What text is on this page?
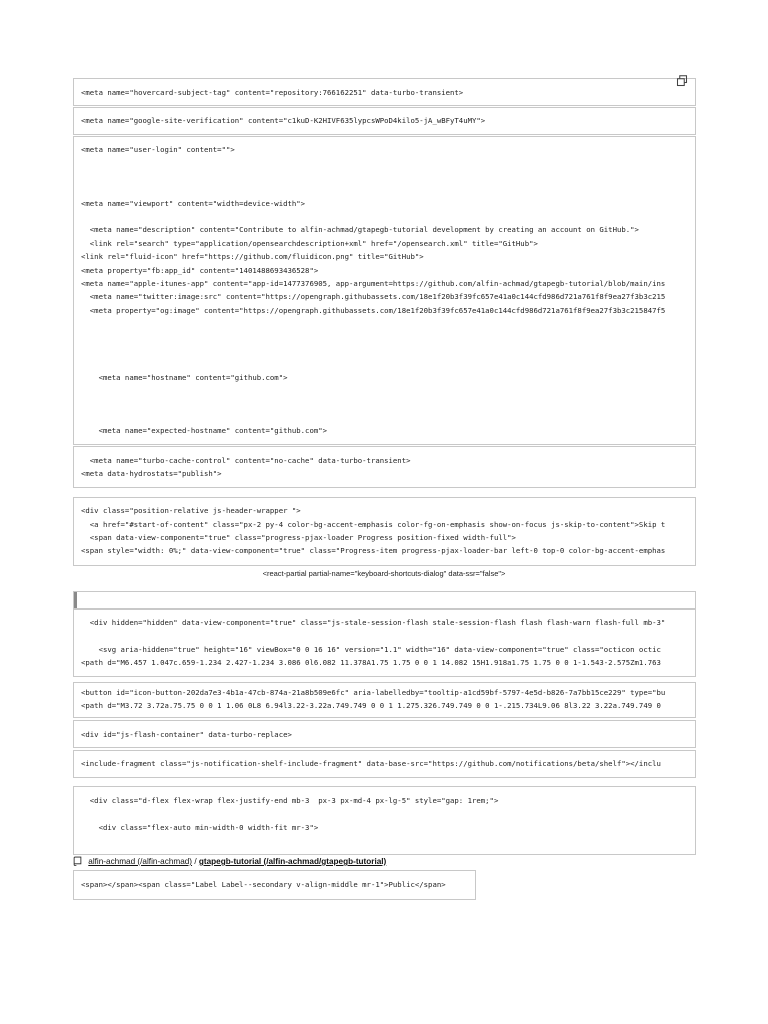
<meta name="hovercard-subject-tag" content="repository:766162251" data-turbo-transient>
<meta name="google-site-verification" content="c1kuD-K2HIVF635lypcsWPoD4kilo5-jA_wBFyT4uMY">
<meta name="user-login" content="">
<meta name="viewport" content="width=device-width">
<meta name="description" content="Contribute to alfin-achmad/gtapegb-tutorial development by creating an account on GitHub.">
<link rel="search" type="application/opensearchdescription+xml" href="/opensearch.xml" title="GitHub">
<link rel="fluid-icon" href="https://github.com/fluidicon.png" title="GitHub">
<meta property="fb:app_id" content="1401488693436528">
<meta name="apple-itunes-app" content="app-id=1477376905, app-argument=https://github.com/alfin-achmad/gtapegb-tutorial/blob/main/ins
<meta name="twitter:image:src" content="https://opengraph.githubassets.com/18e1f20b3f39fc657e41a0c144cfd986d721a761f8f9ea27f3b3c215
<meta property="og:image" content="https://opengraph.githubassets.com/18e1f20b3f39fc657e41a0c144cfd986d721a761f8f9ea27f3b3c215847f5
<meta name="hostname" content="github.com">
<meta name="expected-hostname" content="github.com">
<meta name="turbo-cache-control" content="no-cache" data-turbo-transient>
<meta data-hydrostats="publish">
<div class="position-relative js-header-wrapper ">
<a href="#start-of-content" class="px-2 py-4 color-bg-accent-emphasis color-fg-on-emphasis show-on-focus js-skip-to-content">Skip t
<span data-view-component="true" class="progress-pjax-loader Progress position-fixed width-full">
<span style="width: 0%;" data-view-component="true" class="Progress-item progress-pjax-loader-bar left-0 top-0 color-bg-accent-emphas
<react-partial partial-name="keyboard-shortcuts-dialog" data-ssr="false">
<div hidden="hidden" data-view-component="true" class="js-stale-session-flash stale-session-flash flash flash-warn flash-full mb-3"
<svg aria-hidden="true" height="16" viewBox="0 0 16 16" version="1.1" width="16" data-view-component="true" class="octicon octic
<path d="M6.457 1.047c.659-1.234 2.427-1.234 3.086 0l6.082 11.378A1.75 1.75 0 0 1 14.082 15H1.918a1.75 1.75 0 0 1-1.543-2.575Zm1.763
<button id="icon-button-202da7e3-4b1a-47cb-874a-21a8b509e6fc" aria-labelledby="tooltip-a1cd59bf-5797-4e5d-b826-7a7bb15ce229" type="bu
<path d="M3.72 3.72a.75.75 0 0 1 1.06 0L8 6.94l3.22-3.22a.749.749 0 0 1 1.275.326.749.749 0 0 1-.215.734L9.06 8l3.22 3.22a.749.749 0
<div id="js-flash-container" data-turbo-replace>
<include-fragment class="js-notification-shelf-include-fragment" data-base-src="https://github.com/notifications/beta/shelf"></inclu
<div class="d-flex flex-wrap flex-justify-end mb-3  px-3 px-md-4 px-lg-5" style="gap: 1rem;">
<div class="flex-auto min-width-0 width-fit mr-3">
alfin-achmad (/alfin-achmad) / gtapegb-tutorial (/alfin-achmad/gtapegb-tutorial)
<span></span><span class="Label Label--secondary v-align-middle mr-1">Public</span>
